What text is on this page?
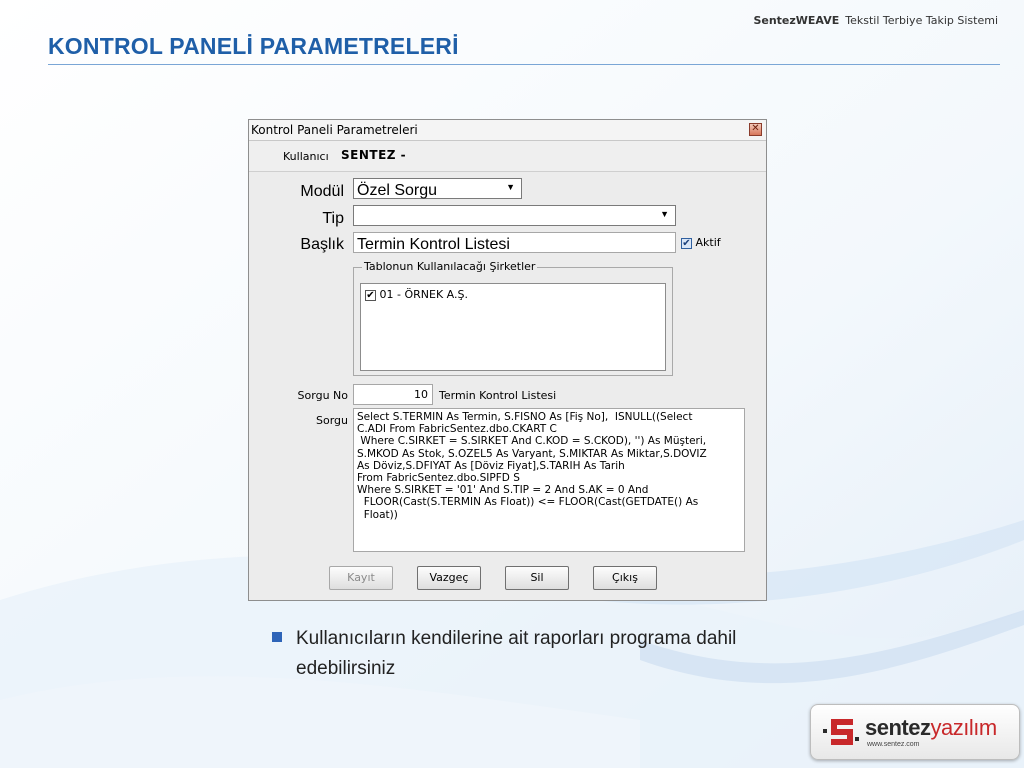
SentezWEAVE Tekstil Terbiye Takip Sistemi
KONTROL PANELİ PARAMETRELERİ
Kontrol Paneli Parametreleri	✕
Kullanıcı SENTEZ -
Modül Özel Sorgu	▼
Tip	▼
Başlık Termin Kontrol Listesi	✔ Aktif
Tablonun Kullanılacağı Şirketler
✔ 01 - ÖRNEK A.Ş.
Sorgu No	10 Termin Kontrol Listesi
Sorgu Select S.TERMIN As Termin, S.FISNO As [Fiş No],  ISNULL((Select
C.ADI From FabricSentez.dbo.CKART C
Where C.SIRKET = S.SIRKET And C.KOD = S.CKOD), '') As Müşteri,
S.MKOD As Stok, S.OZEL5 As Varyant, S.MIKTAR As Miktar,S.DOVIZ
As Döviz,S.DFIYAT As [Döviz Fiyat],S.TARIH As Tarih
From FabricSentez.dbo.SIPFD S
Where S.SIRKET = '01' And S.TIP = 2 And S.AK = 0 And
FLOOR(Cast(S.TERMIN As Float)) <= FLOOR(Cast(GETDATE() As
Float))
Kayıt	Vazgeç	Sil	Çıkış
Kullanıcıların kendilerine ait raporları programa dahil edebilirsiniz
sentezyazılım
www.sentez.com
